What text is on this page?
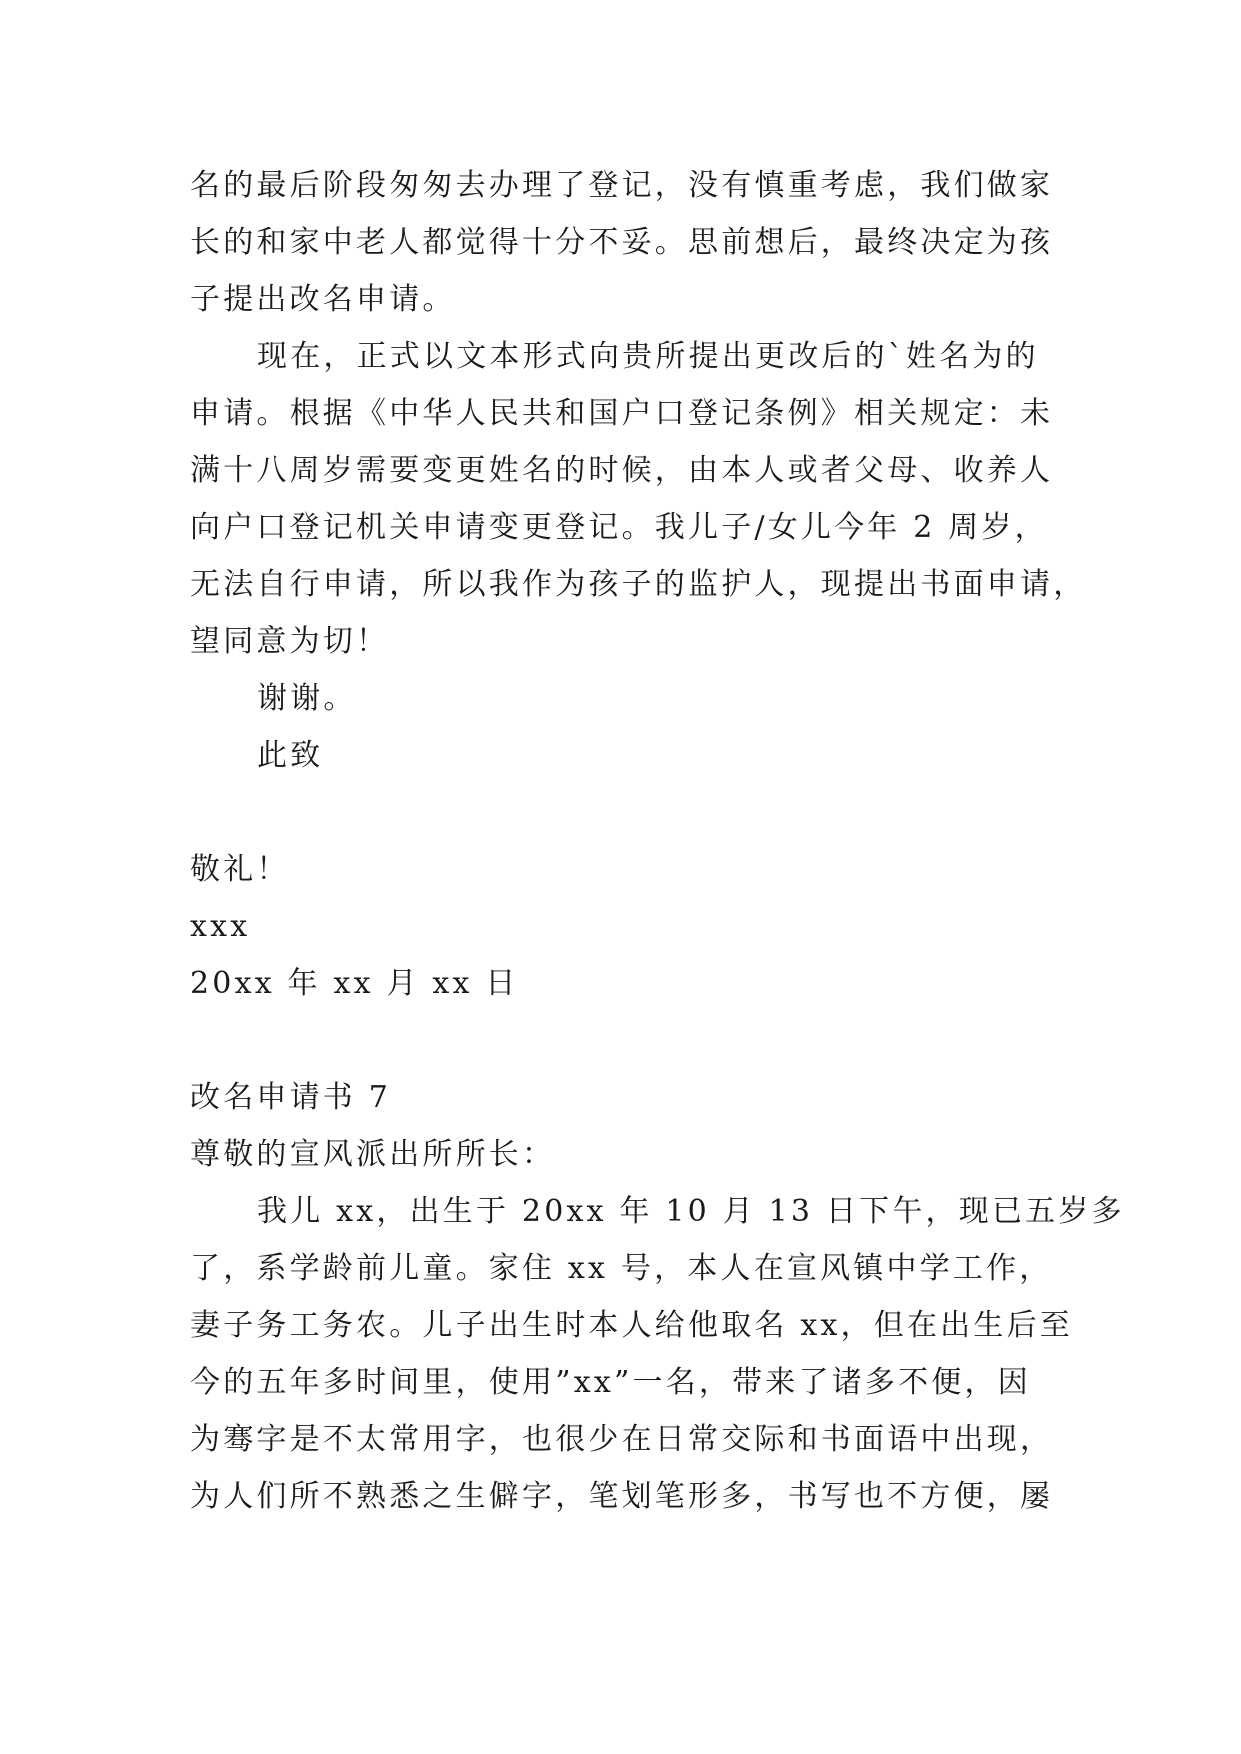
名的最后阶段匆匆去办理了登记，没有慎重考虑，我们做家
长的和家中老人都觉得十分不妥。思前想后，最终决定为孩
子提出改名申请。
现在，正式以文本形式向贵所提出更改后的`姓名为的
申请。根据《中华人民共和国户口登记条例》相关规定：未
满十八周岁需要变更姓名的时候，由本人或者父母、收养人
向户口登记机关申请变更登记。我儿子/女儿今年 2 周岁，
无法自行申请，所以我作为孩子的监护人，现提出书面申请，
望同意为切！
谢谢。
此致
敬礼！
xxx
20xx 年 xx 月 xx 日
改名申请书 7
尊敬的宣风派出所所长：
我儿 xx，出生于 20xx 年 10 月 13 日下午，现已五岁多
了，系学龄前儿童。家住 xx 号，本人在宣风镇中学工作，
妻子务工务农。儿子出生时本人给他取名 xx，但在出生后至
今的五年多时间里，使用”xx”一名，带来了诸多不便，因
为骞字是不太常用字，也很少在日常交际和书面语中出现，
为人们所不熟悉之生僻字，笔划笔形多，书写也不方便，屡
